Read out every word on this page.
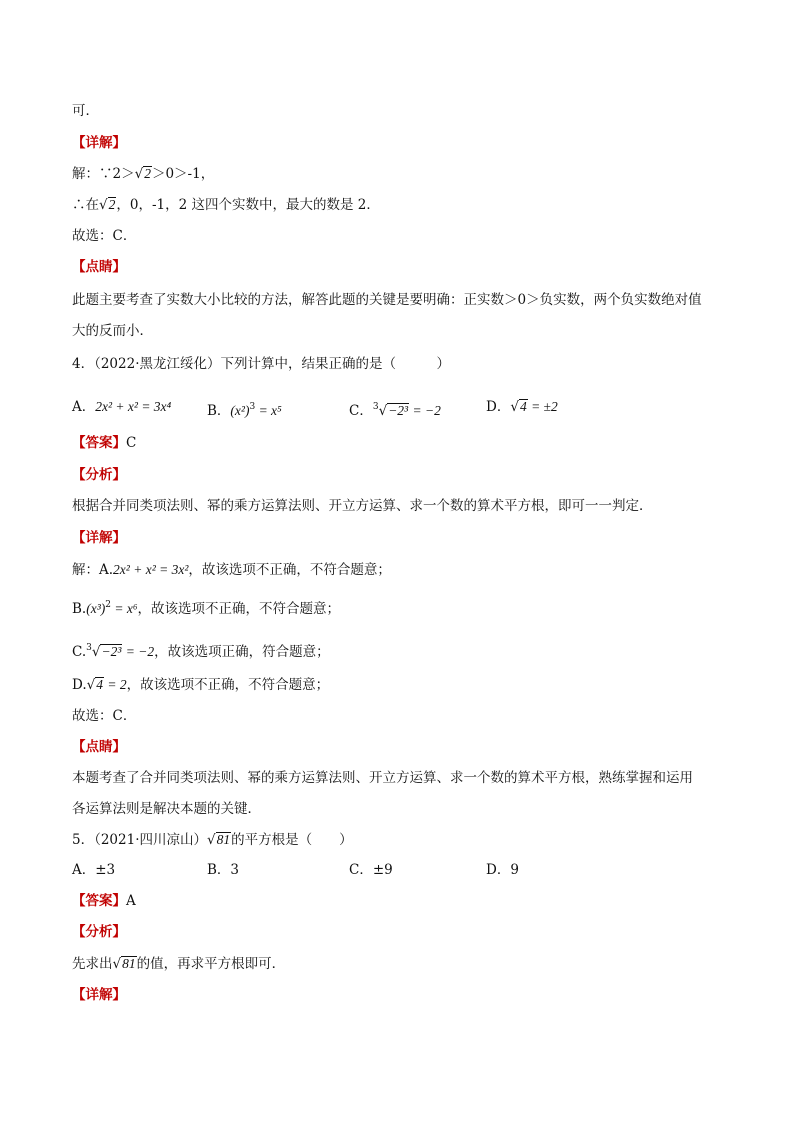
可．
【详解】
解：∵2＞√2＞0＞-1，
∴在√2，0，-1，2 这四个实数中，最大的数是 2．
故选：C．
【点睛】
此题主要考查了实数大小比较的方法，解答此题的关键是要明确：正实数＞0＞负实数，两个负实数绝对值
大的反而小．
4．（2022·黑龙江绥化）下列计算中，结果正确的是（　　　）
A．2x² + x² = 3x⁴	B．$(x^2)^3 = x^5$	C．$^3$√−2³ = −2	D．√4 = ±2
【答案】C
【分析】
根据合并同类项法则、幂的乘方运算法则、开立方运算、求一个数的算术平方根，即可一一判定．
【详解】
解：A.2x² + x² = 3x²，故该选项不正确，不符合题意；
$B.(x^3)^2 = x^6$，故该选项不正确，不符合题意；
C.$^3$√−2³ = −2，故该选项正确，符合题意；
D.√4 = 2，故该选项不正确，不符合题意；
故选：C．
【点睛】
本题考查了合并同类项法则、幂的乘方运算法则、开立方运算、求一个数的算术平方根，熟练掌握和运用
各运算法则是解决本题的关键．
5．（2021·四川凉山）√81的平方根是（　　）
A．±3	B．3	C．±9	D．9
【答案】A
【分析】
先求出√81的值，再求平方根即可．
【详解】
